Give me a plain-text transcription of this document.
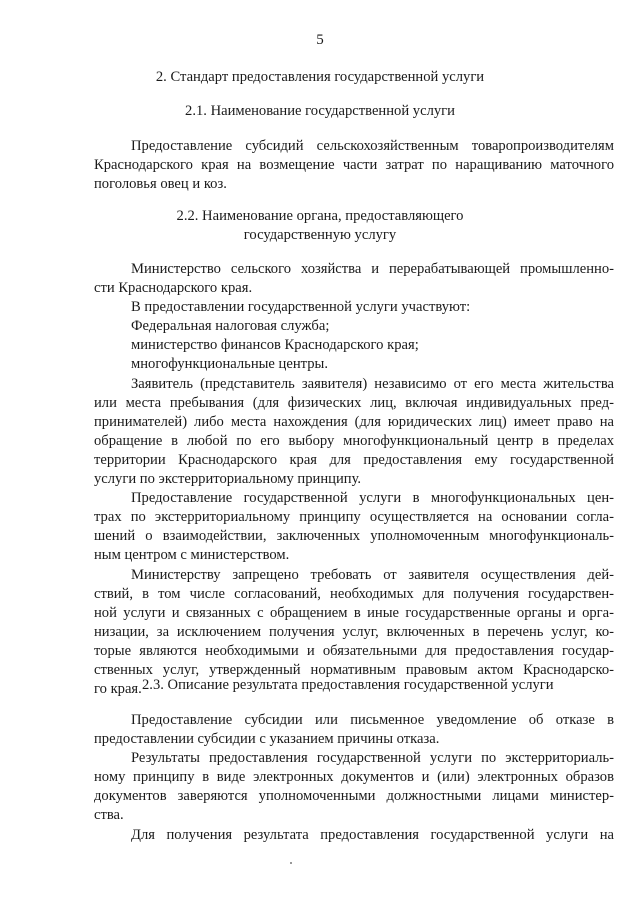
5
2. Стандарт предоставления государственной услуги
2.1. Наименование государственной услуги
Предоставление субсидий сельскохозяйственным товаропроизводителям
Краснодарского края на возмещение части затрат по наращиванию маточного
поголовья овец и коз.
2.2. Наименование органа, предоставляющего
государственную услугу
Министерство сельского хозяйства и перерабатывающей промышленно-
сти Краснодарского края.
В предоставлении государственной услуги участвуют:
Федеральная налоговая служба;
министерство финансов Краснодарского края;
многофункциональные центры.
Заявитель (представитель заявителя) независимо от его места жительства
или места пребывания (для физических лиц, включая индивидуальных пред-
принимателей) либо места нахождения (для юридических лиц) имеет право на
обращение в любой по его выбору многофункциональный центр в пределах
территории Краснодарского края для предоставления ему государственной
услуги по экстерриториальному принципу.
Предоставление государственной услуги в многофункциональных цен-
трах по экстерриториальному принципу осуществляется на основании согла-
шений о взаимодействии, заключенных уполномоченным многофункциональ-
ным центром с министерством.
Министерству запрещено требовать от заявителя осуществления дей-
ствий, в том числе согласований, необходимых для получения государствен-
ной услуги и связанных с обращением в иные государственные органы и орга-
низации, за исключением получения услуг, включенных в перечень услуг, ко-
торые являются необходимыми и обязательными для предоставления государ-
ственных услуг, утвержденный нормативным правовым актом Краснодарско-
го края. 2.3. Описание результата предоставления государственной услуги
Предоставление субсидии или письменное уведомление об отказе в
предоставлении субсидии с указанием причины отказа.
Результаты предоставления государственной услуги по экстерриториаль-
ному принципу в виде электронных документов и (или) электронных образов
документов заверяются уполномоченными должностными лицами министер-
ства.
Для получения результата предоставления государственной услуги на
